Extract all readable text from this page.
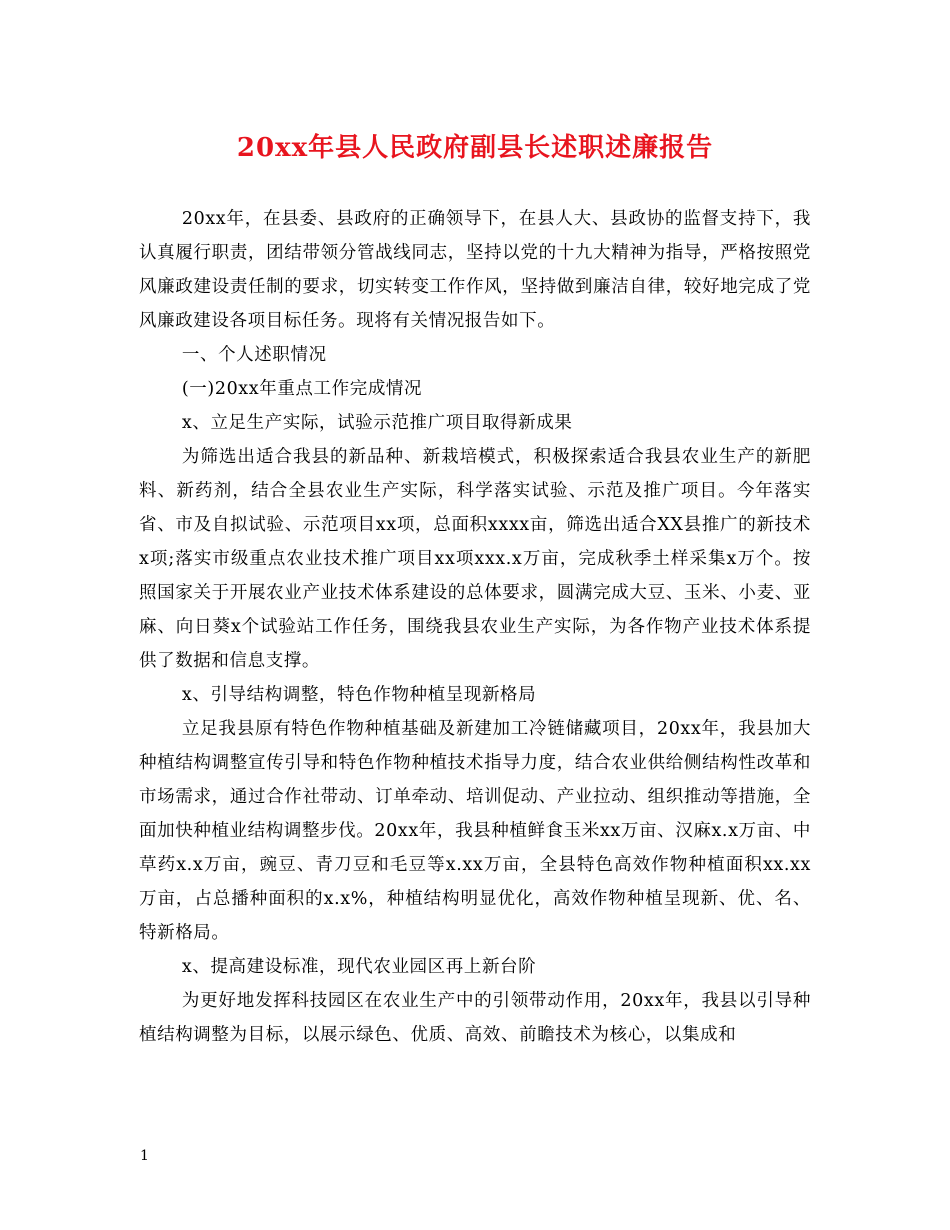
20xx年县人民政府副县长述职述廉报告

20xx年，在县委、县政府的正确领导下，在县人大、县政协的监督支持下，我认真履行职责，团结带领分管战线同志，坚持以党的十九大精神为指导，严格按照党风廉政建设责任制的要求，切实转变工作作风，坚持做到廉洁自律，较好地完成了党风廉政建设各项目标任务。现将有关情况报告如下。

一、个人述职情况

(一)20xx年重点工作完成情况

x、立足生产实际，试验示范推广项目取得新成果

为筛选出适合我县的新品种、新栽培模式，积极探索适合我县农业生产的新肥料、新药剂，结合全县农业生产实际，科学落实试验、示范及推广项目。今年落实省、市及自拟试验、示范项目xx项，总面积xxxx亩，筛选出适合XX县推广的新技术x项;落实市级重点农业技术推广项目xx项xxx.x万亩，完成秋季土样采集x万个。按照国家关于开展农业产业技术体系建设的总体要求，圆满完成大豆、玉米、小麦、亚麻、向日葵x个试验站工作任务，围绕我县农业生产实际，为各作物产业技术体系提供了数据和信息支撑。

x、引导结构调整，特色作物种植呈现新格局

立足我县原有特色作物种植基础及新建加工冷链储藏项目，20xx年，我县加大种植结构调整宣传引导和特色作物种植技术指导力度，结合农业供给侧结构性改革和市场需求，通过合作社带动、订单牵动、培训促动、产业拉动、组织推动等措施，全面加快种植业结构调整步伐。20xx年，我县种植鲜食玉米xx万亩、汉麻x.x万亩、中草药x.x万亩，豌豆、青刀豆和毛豆等x.xx万亩，全县特色高效作物种植面积xx.xx万亩，占总播种面积的x.x%，种植结构明显优化，高效作物种植呈现新、优、名、特新格局。

x、提高建设标准，现代农业园区再上新台阶

为更好地发挥科技园区在农业生产中的引领带动作用，20xx年，我县以引导种植结构调整为目标，以展示绿色、优质、高效、前瞻技术为核心，以集成和

1
